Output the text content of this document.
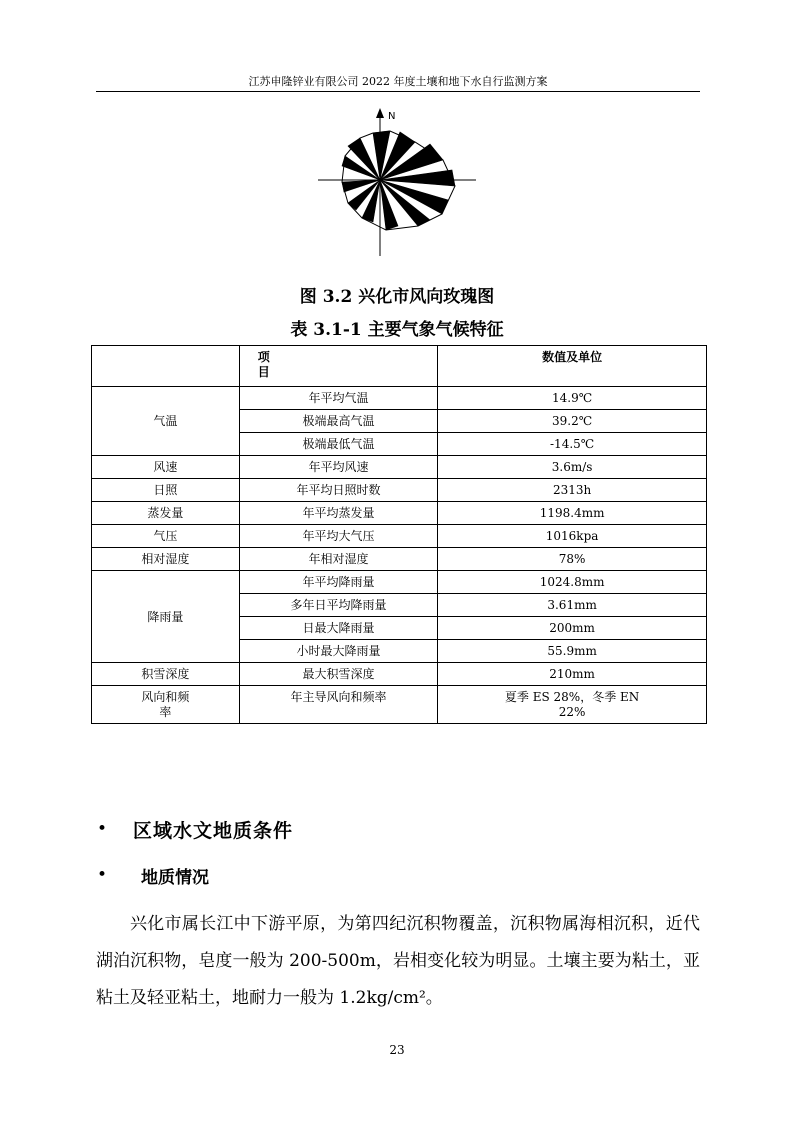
江苏申隆锌业有限公司 2022 年度土壤和地下水自行监测方案
N
图 3.2 兴化市风向玫瑰图
表 3.1-1 主要气象气候特征
	项目	数值及单位
气温	年平均气温	14.9℃
	极端最高气温	39.2℃
	极端最低气温	-14.5℃
风速	年平均风速	3.6m/s
日照	年平均日照时数	2313h
蒸发量	年平均蒸发量	1198.4mm
气压	年平均大气压	1016kpa
相对湿度	年相对湿度	78%
降雨量	年平均降雨量	1024.8mm
	多年日平均降雨量	3.61mm
	日最大降雨量	200mm
	小时最大降雨量	55.9mm
积雪深度	最大积雪深度	210mm
风向和频率	年主导风向和频率	夏季 ES 28%，冬季 EN 22%
• 区域水文地质条件
• 地质情况
兴化市属长江中下游平原，为第四纪沉积物覆盖，沉积物属海相沉积，近代湖泊沉积物，皂度一般为 200-500m，岩相变化较为明显。土壤主要为粘土，亚粘土及轻亚粘土，地耐力一般为 1.2kg/cm²。
23
